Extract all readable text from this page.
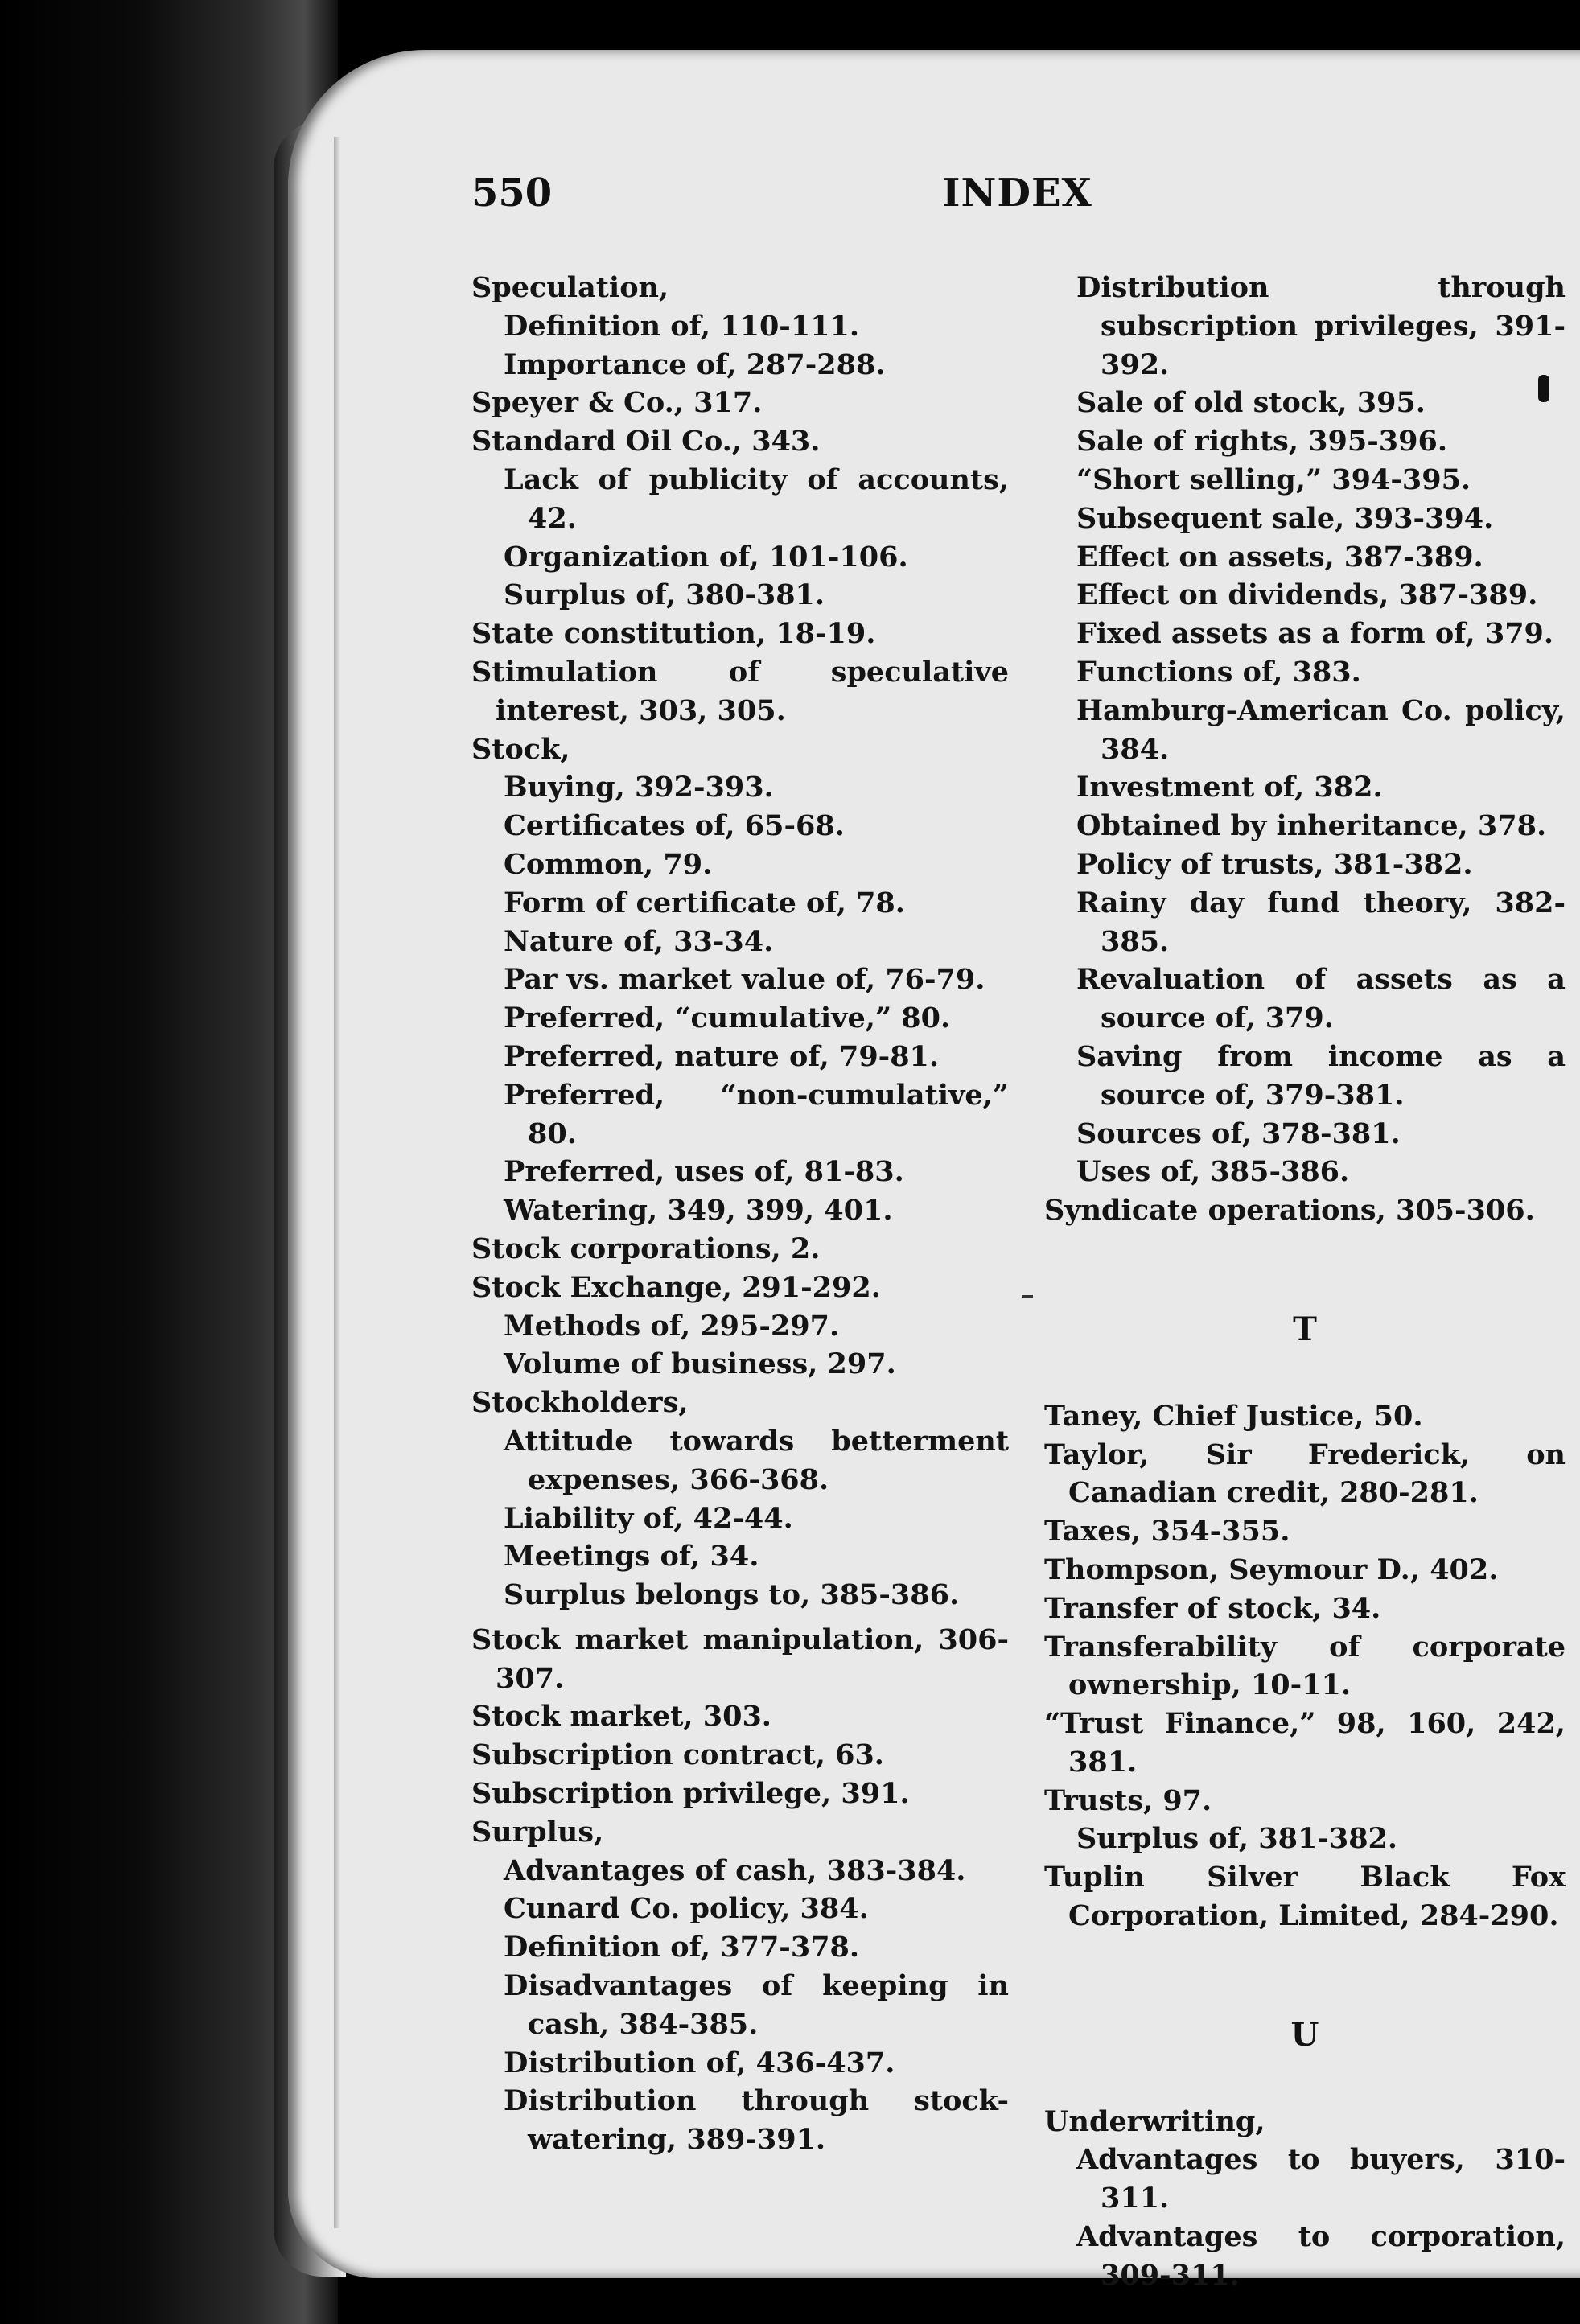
550	INDEX

Speculation,

Definition of, 110-111.

Importance of, 287-288.

Speyer & Co., 317.

Standard Oil Co., 343.

Lack of publicity of accounts, 42.

Organization of, 101-106.

Surplus of, 380-381.

State constitution, 18-19.

Stimulation of speculative interest, 303, 305.

Stock,

Buying, 392-393.

Certificates of, 65-68.

Common, 79.

Form of certificate of, 78.

Nature of, 33-34.

Par vs. market value of, 76-79.

Preferred, “cumulative,” 80.

Preferred, nature of, 79-81.

Preferred, “non-cumulative,” 80.

Preferred, uses of, 81-83.

Watering, 349, 399, 401.

Stock corporations, 2.

Stock Exchange, 291-292.

Methods of, 295-297.

Volume of business, 297.

Stockholders,

Attitude towards betterment expenses, 366-368.

Liability of, 42-44.

Meetings of, 34.

Surplus belongs to, 385-386.

Stock market manipulation, 306-307.

Stock market, 303.

Subscription contract, 63.

Subscription privilege, 391.

Surplus,

Advantages of cash, 383-384.

Cunard Co. policy, 384.

Definition of, 377-378.

Disadvantages of keeping in cash, 384-385.

Distribution of, 436-437.

Distribution through stock-watering, 389-391.

Distribution through subscription privileges, 391-392.

Sale of old stock, 395.

Sale of rights, 395-396.

“Short selling,” 394-395.

Subsequent sale, 393-394.

Effect on assets, 387-389.

Effect on dividends, 387-389.

Fixed assets as a form of, 379.

Functions of, 383.

Hamburg-American Co. policy, 384.

Investment of, 382.

Obtained by inheritance, 378.

Policy of trusts, 381-382.

Rainy day fund theory, 382-385.

Revaluation of assets as a source of, 379.

Saving from income as a source of, 379-381.

Sources of, 378-381.

Uses of, 385-386.

Syndicate operations, 305-306.

T

Taney, Chief Justice, 50.

Taylor, Sir Frederick, on Canadian credit, 280-281.

Taxes, 354-355.

Thompson, Seymour D., 402.

Transfer of stock, 34.

Transferability of corporate ownership, 10-11.

“Trust Finance,” 98, 160, 242, 381.

Trusts, 97.

Surplus of, 381-382.

Tuplin Silver Black Fox Corporation, Limited, 284-290.

U

Underwriting,

Advantages to buyers, 310-311.

Advantages to corporation, 309-311.
